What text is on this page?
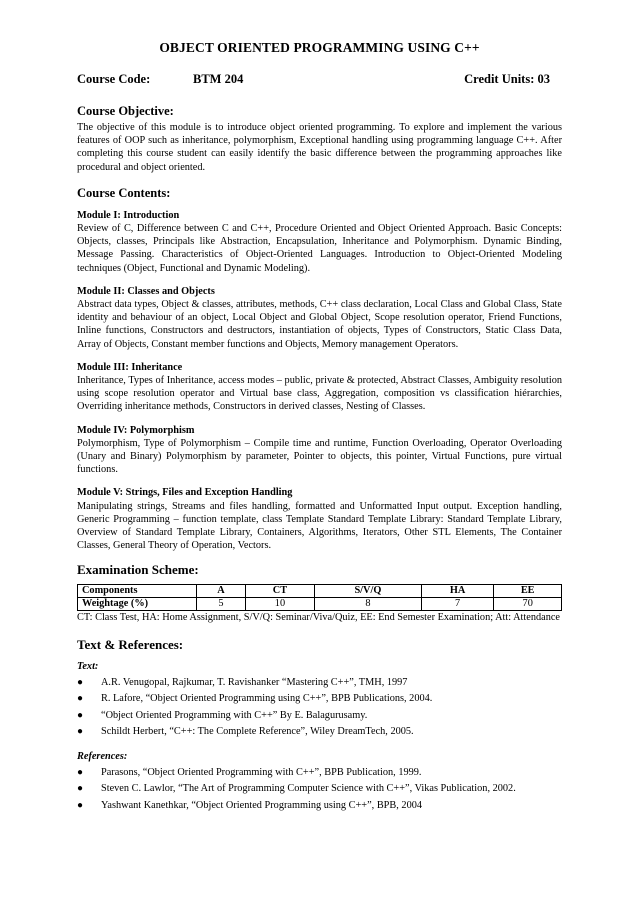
OBJECT ORIENTED PROGRAMMING USING C++
Course Code:	BTM 204	Credit Units: 03
Course Objective:

The objective of this module is to introduce object oriented programming. To explore and implement the various features of OOP such as inheritance, polymorphism, Exceptional handling using programming language C++. After completing this course student can easily identify the basic difference between the programming approaches like procedural and object oriented.

Course Contents:
Module I: Introduction

Review of C, Difference between C and C++, Procedure Oriented and Object Oriented Approach. Basic Concepts: Objects, classes, Principals like Abstraction, Encapsulation, Inheritance and Polymorphism. Dynamic Binding, Message Passing. Characteristics of Object-Oriented Languages. Introduction to Object-Oriented Modeling techniques (Object, Functional and Dynamic Modeling).

Module II: Classes and Objects

Abstract data types, Object & classes, attributes, methods, C++ class declaration, Local Class and Global Class, State identity and behaviour of an object, Local Object and Global Object, Scope resolution operator, Friend Functions, Inline functions, Constructors and destructors, instantiation of objects, Types of Constructors, Static Class Data, Array of Objects, Constant member functions and Objects, Memory management Operators.

Module III: Inheritance

Inheritance, Types of Inheritance, access modes – public, private & protected, Abstract Classes, Ambiguity resolution using scope resolution operator and Virtual base class, Aggregation, composition vs classification hiérarchies, Overriding inheritance methods, Constructors in derived classes, Nesting of Classes.

Module IV: Polymorphism

Polymorphism, Type of Polymorphism – Compile time and runtime, Function Overloading, Operator Overloading (Unary and Binary) Polymorphism by parameter, Pointer to objects, this pointer, Virtual Functions, pure virtual functions.

Module V: Strings, Files and Exception Handling

Manipulating strings, Streams and files handling, formatted and Unformatted Input output. Exception handling, Generic Programming – function template, class Template Standard Template Library: Standard Template Library, Overview of Standard Template Library, Containers, Algorithms, Iterators, Other STL Elements, The Container Classes, General Theory of Operation, Vectors.

Examination Scheme:
Components	A	CT	S/V/Q	HA	EE
Weightage (%)	5	10	8	7	70

CT: Class Test, HA: Home Assignment, S/V/Q: Seminar/Viva/Quiz, EE: End Semester Examination; Att: Attendance

Text & References:
Text:
● A.R. Venugopal, Rajkumar, T. Ravishanker “Mastering C++”, TMH, 1997
● R. Lafore, “Object Oriented Programming using C++”, BPB Publications, 2004.
● “Object Oriented Programming with C++” By E. Balagurusamy.
● Schildt Herbert, “C++: The Complete Reference”, Wiley DreamTech, 2005.
References:
● Parasons, “Object Oriented Programming with C++”, BPB Publication, 1999.
● Steven C. Lawlor, “The Art of Programming Computer Science with C++”, Vikas Publication, 2002.
● Yashwant Kanethkar, “Object Oriented Programming using C++”, BPB, 2004
